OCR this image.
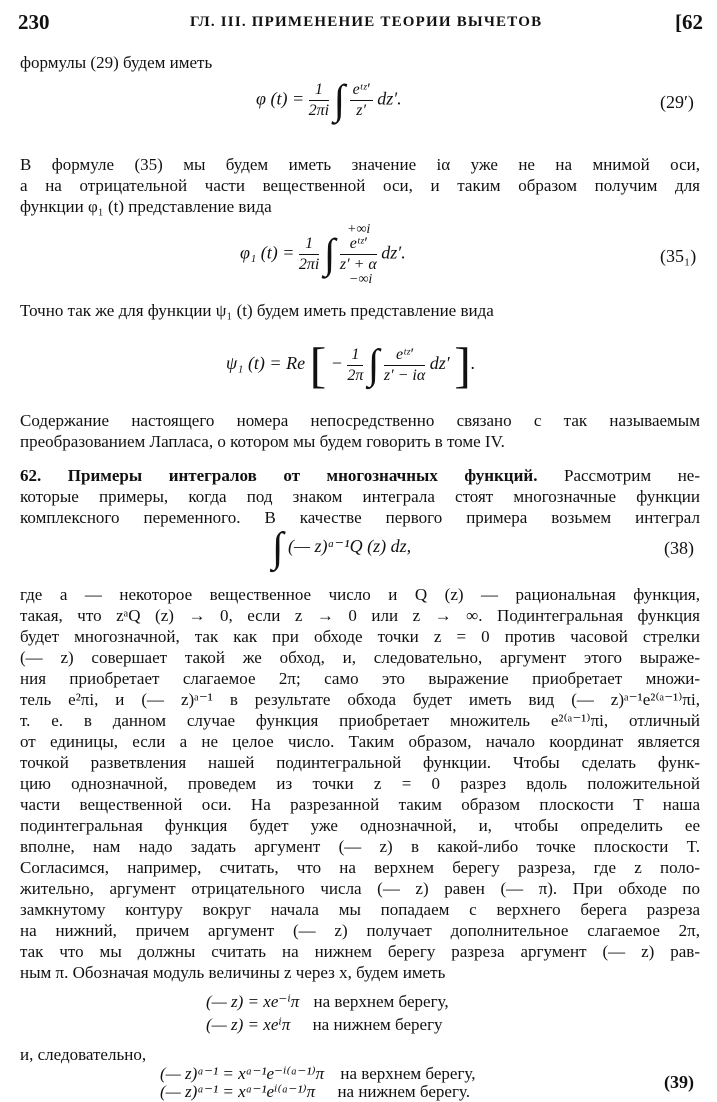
230	ГЛ. III. ПРИМЕНЕНИЕ ТЕОРИИ ВЫЧЕТОВ	[62
формулы (29) будем иметь
φ $(t) = \frac{1}{2\pi i}$ ∫ $\frac{\text{eᵗᶻ′}}{z'} dz'$.	(29′)
В формуле (35) мы будем иметь значение iα уже не на мнимой оси,
а на отрицательной части вещественной оси, и таким образом получим для
функции φ₁ (t) представление вида
+∞i
−∞i
φ₁ $(t) = \frac{1}{2\pi i}$ ∫ $\frac{\text{eᵗᶻ′}}{z' + \alpha} dz'$.	(35₁)
Точно так же для функции ψ₁ (t) будем иметь представление вида
ψ₁ (t) = Re [ − $\frac{1}{2\pi}$ ∫ $\frac{\text{eᵗᶻ′}}{z' - i\alpha} dz'$ ].
Содержание настоящего номера непосредственно связано с так называемым
преобразованием Лапласа, о котором мы будем говорить в томе IV.
62. Примеры интегралов от многозначных функций. Рассмотрим не-
которые примеры, когда под знаком интеграла стоят многозначные функции
комплексного переменного. В качестве первого примера возьмем интеграл
∫ (— z)ᵃ⁻¹Q (z) dz,	(38)
где a — некоторое вещественное число и Q (z) — рациональная функция,
такая, что zᵃQ (z) → 0, если z → 0 или z → ∞. Подинтегральная функция
будет многозначной, так как при обходе точки z = 0 против часовой стрелки
(— z) совершает такой же обход, и, следовательно, аргумент этого выраже-
ния приобретает слагаемое 2π; само это выражение приобретает множи-
тель e²πi, и (— z)ᵃ⁻¹ в результате обхода будет иметь вид (— z)ᵃ⁻¹e²⁽ᵃ⁻¹⁾πi,
т. е. в данном случае функция приобретает множитель e²⁽ᵃ⁻¹⁾πi, отличный
от единицы, если a не целое число. Таким образом, начало координат является
точкой разветвления нашей подинтегральной функции. Чтобы сделать функ-
цию однозначной, проведем из точки z = 0 разрез вдоль положительной
части вещественной оси. На разрезанной таким образом плоскости T наша
подинтегральная функция будет уже однозначной, и, чтобы определить ее
вполне, нам надо задать аргумент (— z) в какой-либо точке плоскости T.
Согласимся, например, считать, что на верхнем берегу разреза, где z поло-
жительно, аргумент отрицательного числа (— z) равен (— π). При обходе по
замкнутому контуру вокруг начала мы попадаем с верхнего берега разреза
на нижний, причем аргумент (— z) получает дополнительное слагаемое 2π,
так что мы должны считать на нижнем берегу разреза аргумент (— z) рав-
ным π. Обозначая модуль величины z через x, будем иметь
(— z) = xe⁻ⁱπ на верхнем берегу,
(— z) = xeⁱπ на нижнем берегу
и, следовательно,
(— z)ᵃ⁻¹ = xᵃ⁻¹e⁻ⁱ⁽ᵃ⁻¹⁾π на верхнем берегу,
(— z)ᵃ⁻¹ = xᵃ⁻¹eⁱ⁽ᵃ⁻¹⁾π на нижнем берегу.	(39)
